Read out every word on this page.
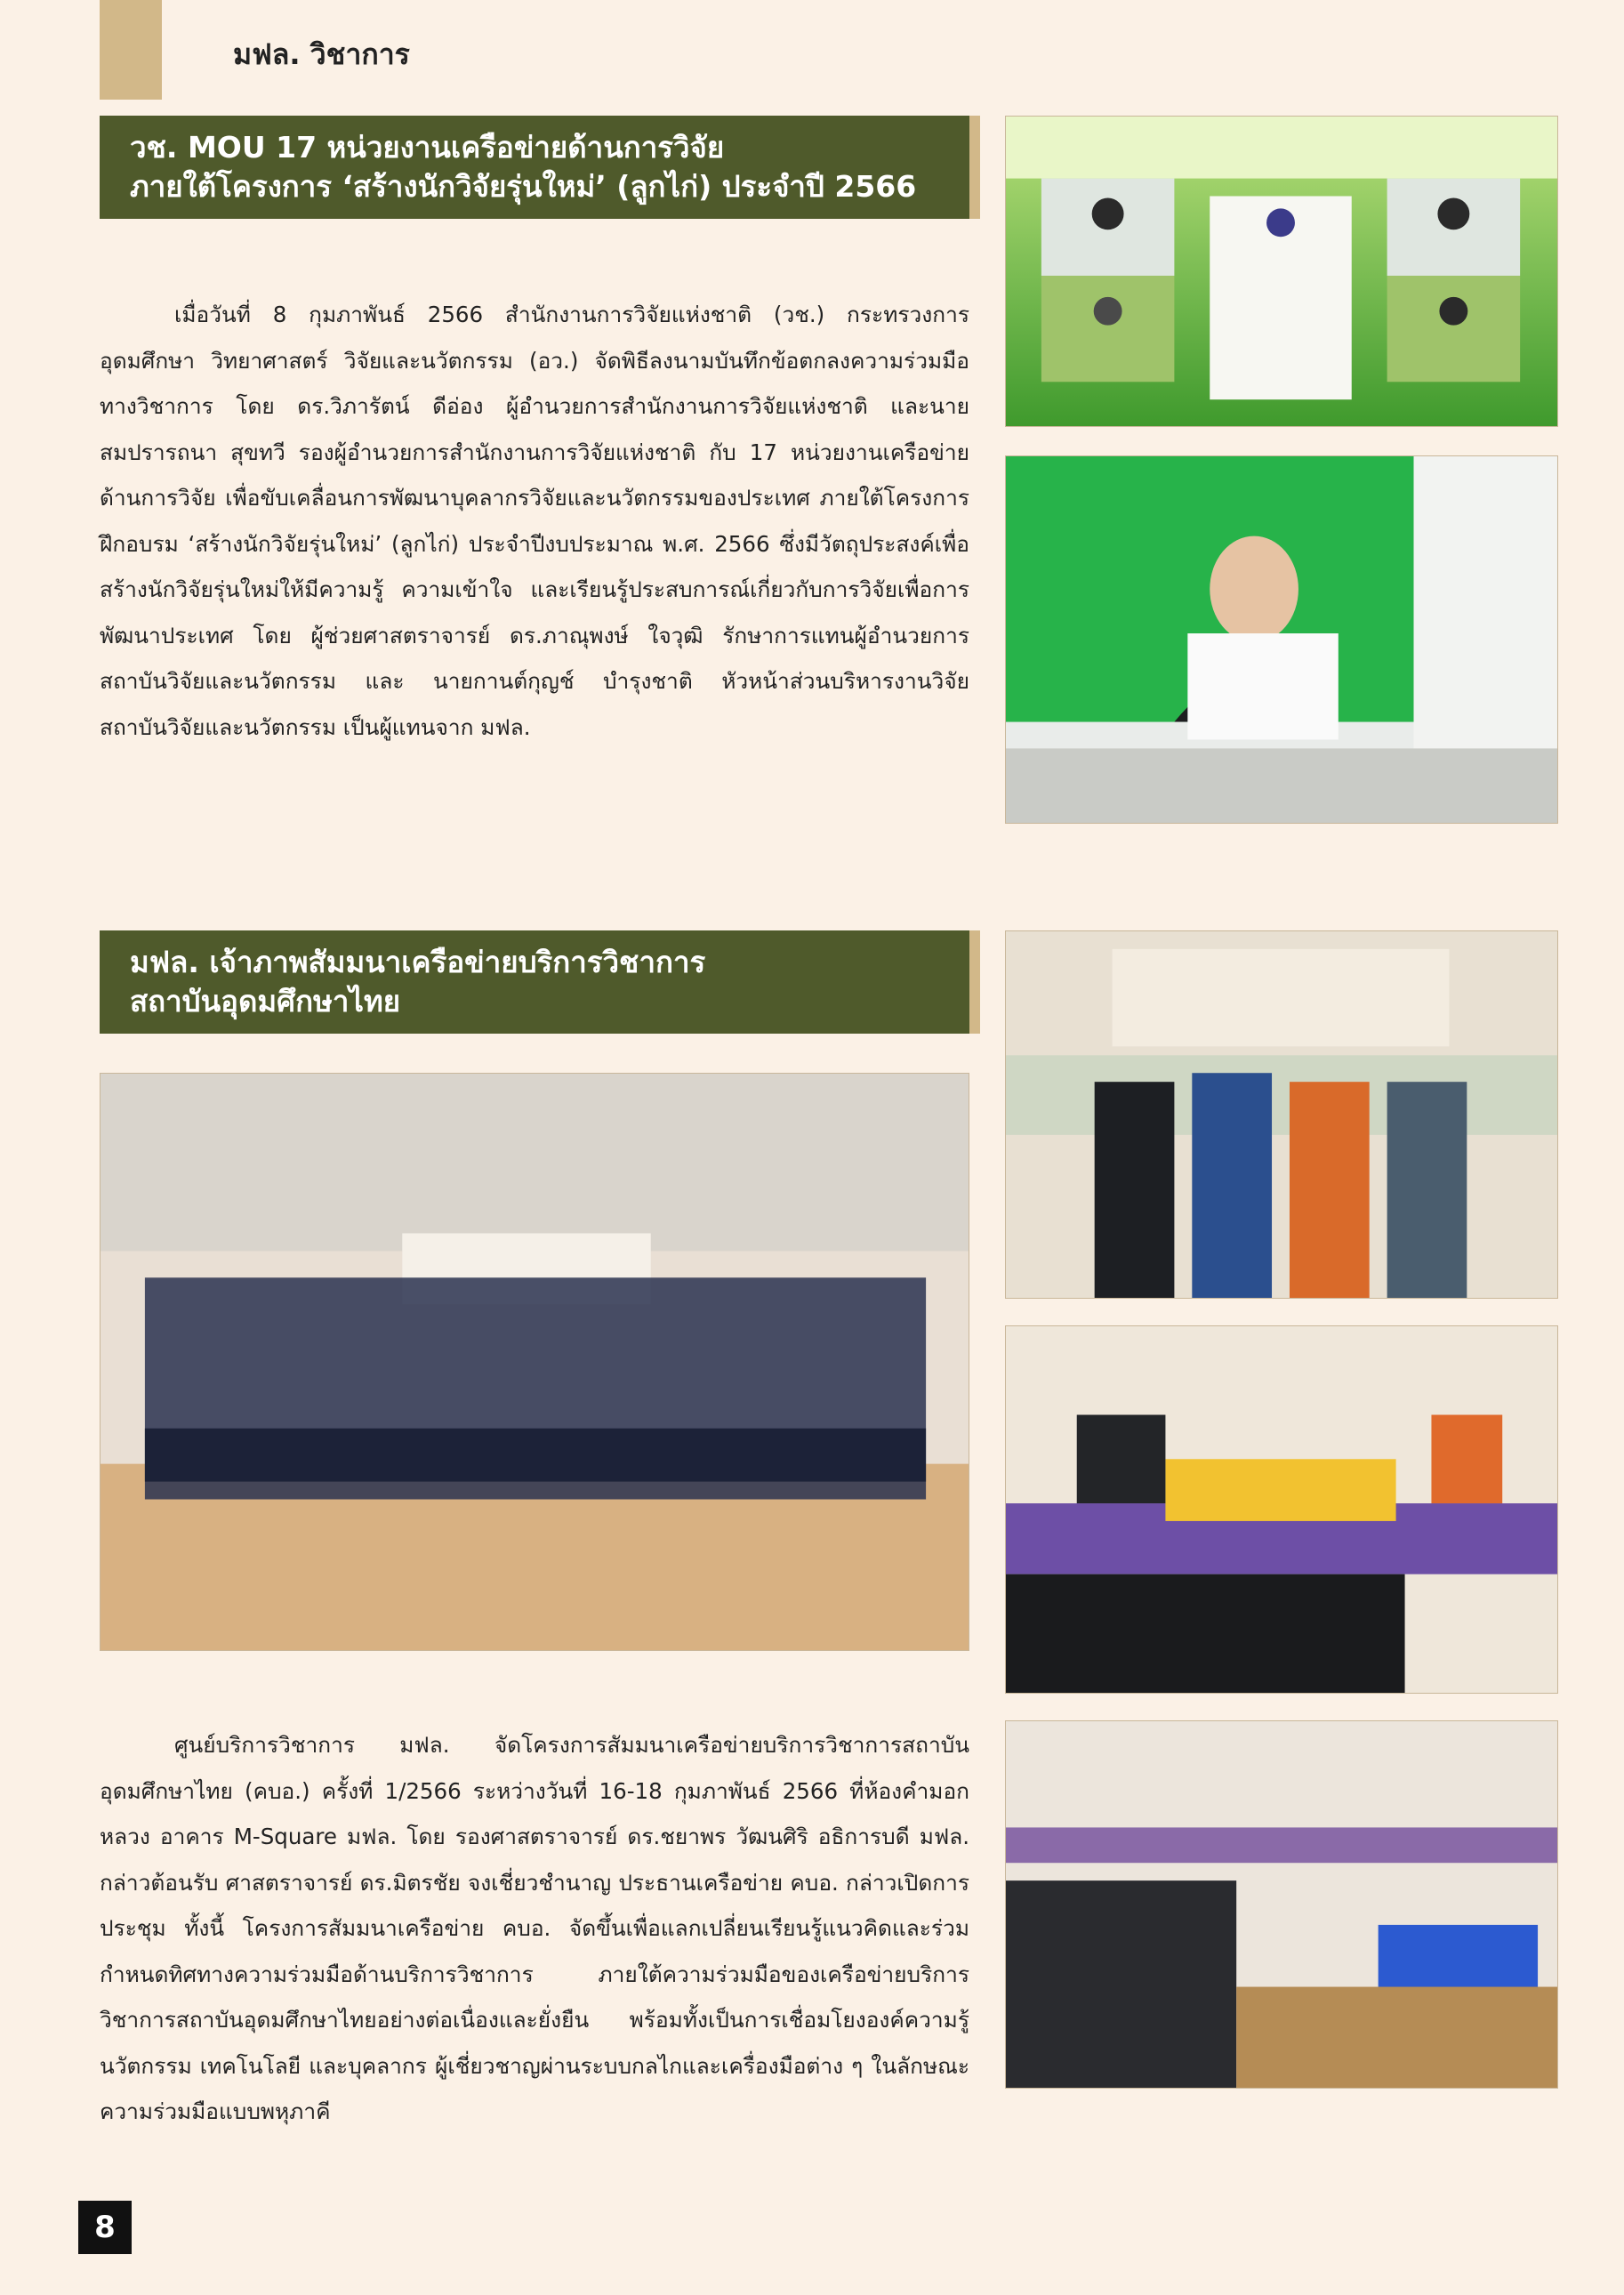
มฟล. วิชาการ
วช. MOU 17 หน่วยงานเครือข่ายด้านการวิจัย
ภายใต้โครงการ ‘สร้างนักวิจัยรุ่นใหม่’ (ลูกไก่) ประจำปี 2566

เมื่อวันที่ 8 กุมภาพันธ์ 2566 สำนักงานการวิจัยแห่งชาติ (วช.) กระทรวงการอุดมศึกษา วิทยาศาสตร์ วิจัยและนวัตกรรม (อว.) จัดพิธีลงนามบันทึกข้อตกลงความร่วมมือทางวิชาการ โดย ดร.วิภารัตน์ ดีอ่อง ผู้อำนวยการสำนักงานการวิจัยแห่งชาติ และนายสมปรารถนา สุขทวี รองผู้อำนวยการสำนักงานการวิจัยแห่งชาติ กับ 17 หน่วยงานเครือข่ายด้านการวิจัย เพื่อขับเคลื่อนการพัฒนาบุคลากรวิจัยและนวัตกรรมของประเทศ ภายใต้โครงการฝึกอบรม ‘สร้างนักวิจัยรุ่นใหม่’ (ลูกไก่) ประจำปีงบประมาณ พ.ศ. 2566 ซึ่งมีวัตถุประสงค์เพื่อสร้างนักวิจัยรุ่นใหม่ให้มีความรู้ ความเข้าใจ และเรียนรู้ประสบการณ์เกี่ยวกับการวิจัยเพื่อการพัฒนาประเทศ โดย ผู้ช่วยศาสตราจารย์ ดร.ภาณุพงษ์ ใจวุฒิ รักษาการแทนผู้อำนวยการสถาบันวิจัยและนวัตกรรม และ นายกานต์กุญช์ บำรุงชาติ หัวหน้าส่วนบริหารงานวิจัย สถาบันวิจัยและนวัตกรรม เป็นผู้แทนจาก มฟล.

มฟล. เจ้าภาพสัมมนาเครือข่ายบริการวิชาการ
สถาบันอุดมศึกษาไทย

ศูนย์บริการวิชาการ มฟล. จัดโครงการสัมมนาเครือข่ายบริการวิชาการสถาบันอุดมศึกษาไทย (คบอ.) ครั้งที่ 1/2566 ระหว่างวันที่ 16-18 กุมภาพันธ์ 2566 ที่ห้องคำมอกหลวง อาคาร M-Square มฟล. โดย รองศาสตราจารย์ ดร.ชยาพร วัฒนศิริ อธิการบดี มฟล. กล่าวต้อนรับ ศาสตราจารย์ ดร.มิตรชัย จงเชี่ยวชำนาญ ประธานเครือข่าย คบอ. กล่าวเปิดการประชุม ทั้งนี้ โครงการสัมมนาเครือข่าย คบอ. จัดขึ้นเพื่อแลกเปลี่ยนเรียนรู้แนวคิดและร่วมกำหนดทิศทางความร่วมมือด้านบริการวิชาการ ภายใต้ความร่วมมือของเครือข่ายบริการวิชาการสถาบันอุดมศึกษาไทยอย่างต่อเนื่องและยั่งยืน พร้อมทั้งเป็นการเชื่อมโยงองค์ความรู้ นวัตกรรม เทคโนโลยี และบุคลากร ผู้เชี่ยวชาญผ่านระบบกลไกและเครื่องมือต่าง ๆ ในลักษณะความร่วมมือแบบพหุภาคี

8
